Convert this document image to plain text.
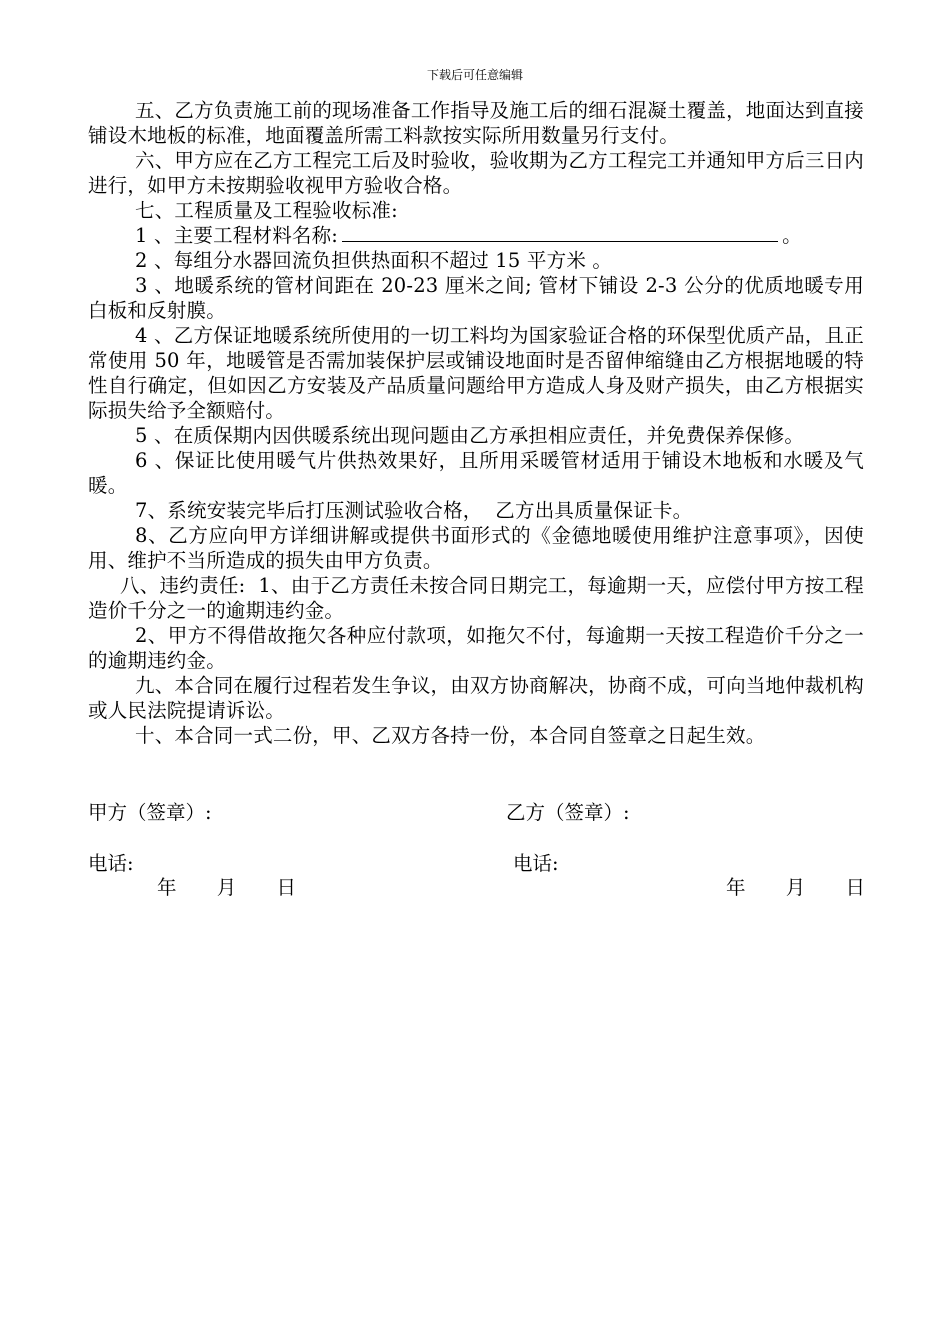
下载后可任意编辑

五、乙方负责施工前的现场准备工作指导及施工后的细石混凝土覆盖，地面达到直接铺设木地板的标准，地面覆盖所需工料款按实际所用数量另行支付。

六、甲方应在乙方工程完工后及时验收，验收期为乙方工程完工并通知甲方后三日内进行，如甲方未按期验收视甲方验收合格。

七、工程质量及工程验收标准:

1 、主要工程材料名称:	。

2 、每组分水器回流负担供热面积不超过 15 平方米 。

3 、地暖系统的管材间距在 20-23 厘米之间; 管材下铺设 2-3 公分的优质地暖专用白板和反射膜。

4 、乙方保证地暖系统所使用的一切工料均为国家验证合格的环保型优质产品，且正常使用 50 年，地暖管是否需加装保护层或铺设地面时是否留伸缩缝由乙方根据地暖的特性自行确定，但如因乙方安装及产品质量问题给甲方造成人身及财产损失，由乙方根据实际损失给予全额赔付。

5 、在质保期内因供暖系统出现问题由乙方承担相应责任，并免费保养保修。

6 、保证比使用暖气片供热效果好，且所用采暖管材适用于铺设木地板和水暖及气暖。

7、系统安装完毕后打压测试验收合格，  乙方出具质量保证卡。

8、乙方应向甲方详细讲解或提供书面形式的《金德地暖使用维护注意事项》，因使用、维护不当所造成的损失由甲方负责。

八、违约责任:  1、由于乙方责任未按合同日期完工，每逾期一天，应偿付甲方按工程造价千分之一的逾期违约金。

2、甲方不得借故拖欠各种应付款项，如拖欠不付，每逾期一天按工程造价千分之一的逾期违约金。

九、本合同在履行过程若发生争议，由双方协商解决，协商不成，可向当地仲裁机构或人民法院提请诉讼。

十、本合同一式二份，甲、乙双方各持一份，本合同自签章之日起生效。

甲方（签章）:	乙方（签章）:
电话:	电话:
年 月 日	年 月 日
